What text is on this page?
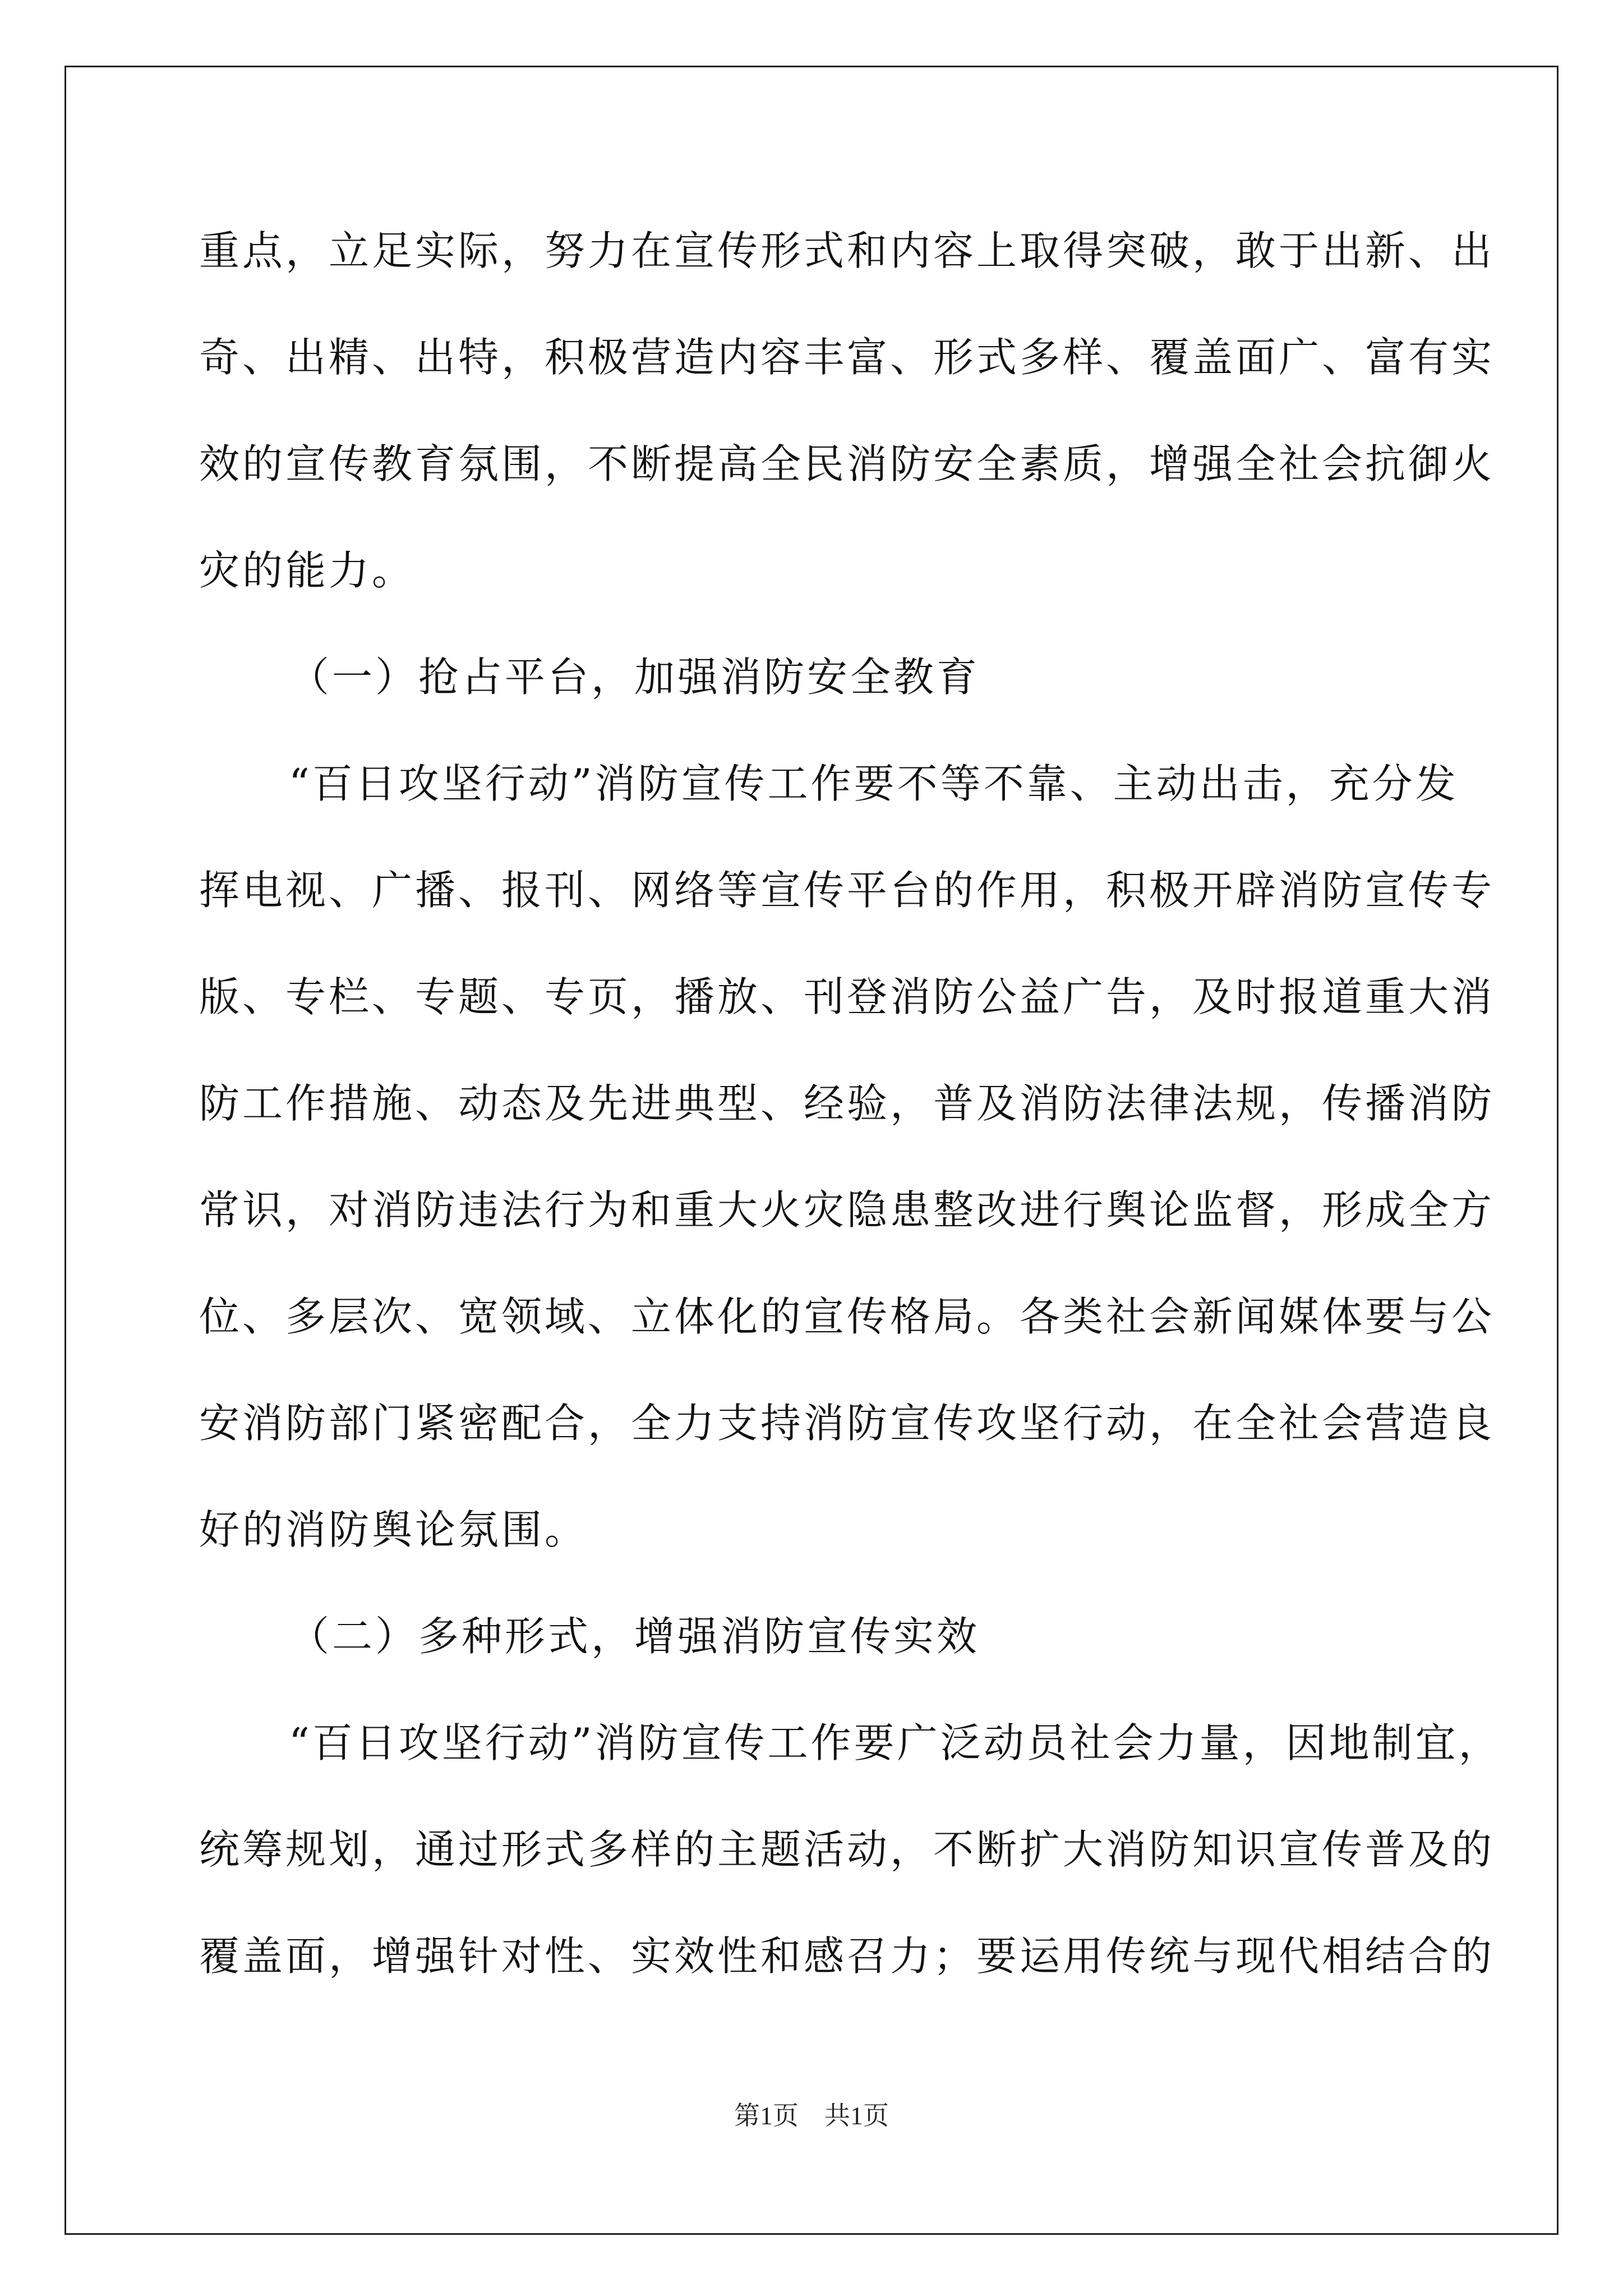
重点，立足实际，努力在宣传形式和内容上取得突破，敢于出新、出
奇、出精、出特，积极营造内容丰富、形式多样、覆盖面广、富有实
效的宣传教育氛围，不断提高全民消防安全素质，增强全社会抗御火
灾的能力。
（一）抢占平台，加强消防安全教育
“百日攻坚行动”消防宣传工作要不等不靠、主动出击，充分发
挥电视、广播、报刊、网络等宣传平台的作用，积极开辟消防宣传专
版、专栏、专题、专页，播放、刊登消防公益广告，及时报道重大消
防工作措施、动态及先进典型、经验，普及消防法律法规，传播消防
常识，对消防违法行为和重大火灾隐患整改进行舆论监督，形成全方
位、多层次、宽领域、立体化的宣传格局。各类社会新闻媒体要与公
安消防部门紧密配合，全力支持消防宣传攻坚行动，在全社会营造良
好的消防舆论氛围。
（二）多种形式，增强消防宣传实效
“百日攻坚行动”消防宣传工作要广泛动员社会力量，因地制宜，
统筹规划，通过形式多样的主题活动，不断扩大消防知识宣传普及的
覆盖面，增强针对性、实效性和感召力；要运用传统与现代相结合的
第1页　共1页
